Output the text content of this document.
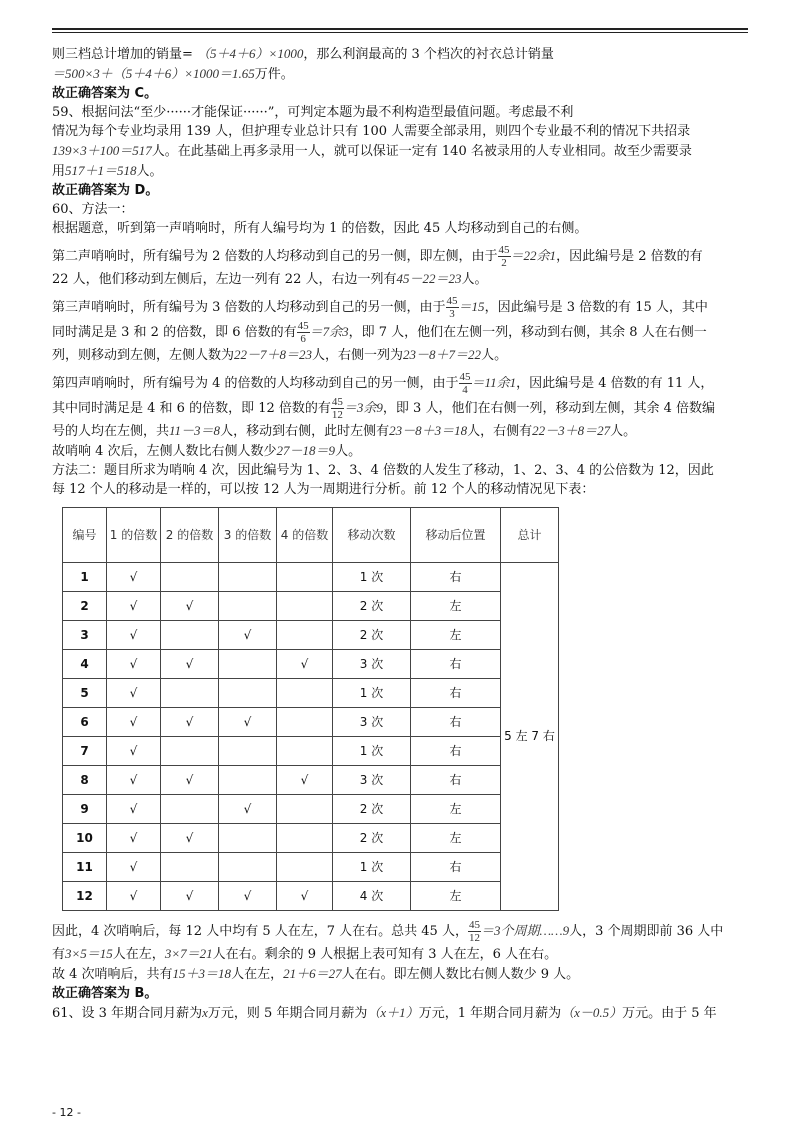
则三档总计增加的销量= （5＋4＋6）×1000，那么利润最高的 3 个档次的衬衣总计销量

＝500×3＋（5＋4＋6）×1000＝1.65万件。

故正确答案为 C。

59、根据问法“至少······才能保证······”，可判定本题为最不利构造型最值问题。考虑最不利

情况为每个专业均录用 139 人，但护理专业总计只有 100 人需要全部录用，则四个专业最不利的情况下共招录

139×3＋100＝517人。在此基础上再多录用一人，就可以保证一定有 140 名被录用的人专业相同。故至少需要录

用517＋1＝518人。

故正确答案为 D。

60、方法一：

根据题意，听到第一声哨响时，所有人编号均为 1 的倍数，因此 45 人均移动到自己的右侧。

第二声哨响时，所有编号为 2 倍数的人均移动到自己的另一侧，即左侧，由于 $\frac{45}{2} =22$余1，因此编号是 2 倍数的有

22 人，他们移动到左侧后，左边一列有 22 人，右边一列有45－22＝23人。

第三声哨响时，所有编号为 3 倍数的人均移动到自己的另一侧，由于 $\frac{45}{3} =15$，因此编号是 3 倍数的有 15 人，其中

同时满足是 3 和 2 的倍数，即 6 倍数的有 $\frac{45}{6} =7$余3，即 7 人，他们在左侧一列，移动到右侧，其余 8 人在右侧一

列，则移动到左侧，左侧人数为22－7＋8＝23人，右侧一列为23－8＋7＝22人。

第四声哨响时，所有编号为 4 的倍数的人均移动到自己的另一侧，由于 $\frac{45}{4} =11$余1，因此编号是 4 倍数的有 11 人，

其中同时满足是 4 和 6 的倍数，即 12 倍数的有 $\frac{45}{12} =3$余9，即 3 人，他们在右侧一列，移动到左侧，其余 4 倍数编

号的人均在左侧，共11－3＝8人，移动到右侧，此时左侧有23－8＋3＝18人，右侧有22－3＋8＝27人。

故哨响 4 次后，左侧人数比右侧人数少27－18＝9人。

方法二：题目所求为哨响 4 次，因此编号为 1、2、3、4 倍数的人发生了移动，1、2、3、4 的公倍数为 12，因此

每 12 个人的移动是一样的，可以按 12 人为一周期进行分析。前 12 个人的移动情况见下表：

编号	1 的倍数	2 的倍数	3 的倍数	4 的倍数	移动次数	移动后位置	总计
1	√				1 次	右	5 左 7 右
2	√	√			2 次	左	
3	√		√		2 次	左	
4	√	√		√	3 次	右	
5	√				1 次	右	
6	√	√	√		3 次	右	
7	√				1 次	右	
8	√	√		√	3 次	右	
9	√		√		2 次	左	
10	√	√			2 次	左	
11	√				1 次	右	
12	√	√	√	√	4 次	左	

因此，4 次哨响后，每 12 人中均有 5 人在左，7 人在右。总共 45 人， $\frac{45}{12} =3$个周期……9人，3 个周期即前 36 人中

有3×5＝15人在左，3×7＝21人在右。剩余的 9 人根据上表可知有 3 人在左，6 人在右。

故 4 次哨响后，共有15＋3＝18人在左，21＋6＝27人在右。即左侧人数比右侧人数少 9 人。

故正确答案为 B。

61、设 3 年期合同月薪为x万元，则 5 年期合同月薪为（x＋1）万元，1 年期合同月薪为（x－0.5）万元。由于 5 年

- 12 -
